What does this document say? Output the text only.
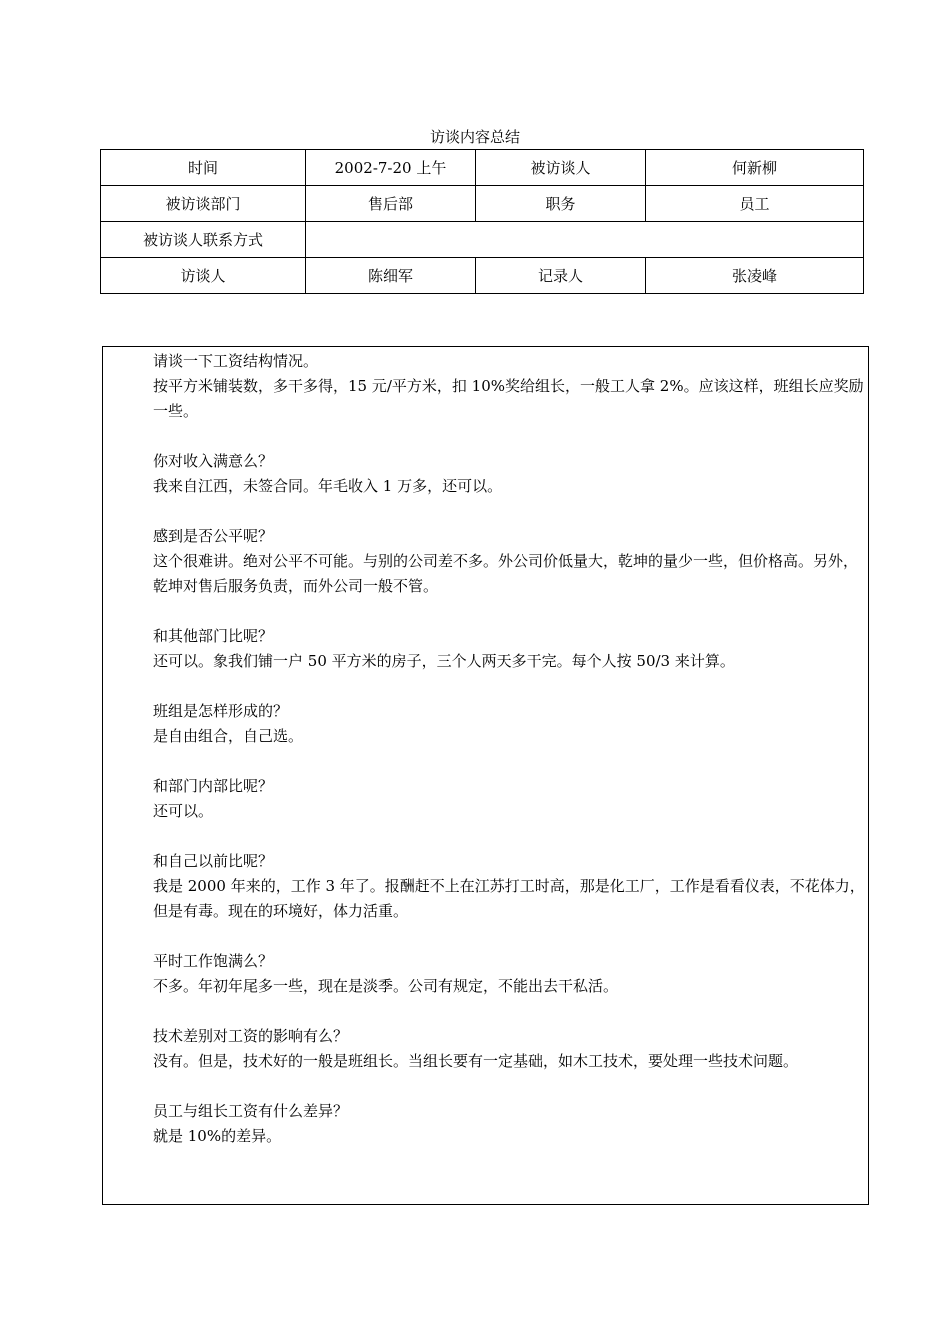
访谈内容总结
时间	2002-7-20 上午	被访谈人	何新柳
被访谈部门	售后部	职务	员工
被访谈人联系方式			
访谈人	陈细军	记录人	张凌峰

请谈一下工资结构情况。

按平方米铺装数，多干多得，15 元/平方米，扣 10%奖给组长，一般工人拿 2%。应该这样，班组长应奖励一些。

你对收入满意么？

我来自江西，未签合同。年毛收入 1 万多，还可以。

感到是否公平呢？

这个很难讲。绝对公平不可能。与别的公司差不多。外公司价低量大，乾坤的量少一些，但价格高。另外，乾坤对售后服务负责，而外公司一般不管。

和其他部门比呢？

还可以。象我们铺一户 50 平方米的房子，三个人两天多干完。每个人按 50/3 来计算。

班组是怎样形成的？

是自由组合，自己选。

和部门内部比呢？

还可以。

和自己以前比呢？

我是 2000 年来的，工作 3 年了。报酬赶不上在江苏打工时高，那是化工厂，工作是看看仪表，不花体力，但是有毒。现在的环境好，体力活重。

平时工作饱满么？

不多。年初年尾多一些，现在是淡季。公司有规定，不能出去干私活。

技术差别对工资的影响有么？

没有。但是，技术好的一般是班组长。当组长要有一定基础，如木工技术，要处理一些技术问题。

员工与组长工资有什么差异？

就是 10%的差异。
